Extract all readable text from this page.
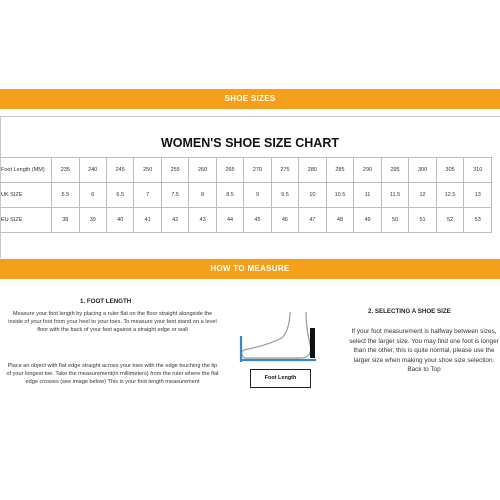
SHOE SIZES
WOMEN'S SHOE SIZE CHART
Foot Length (MM)	235	240	245	250	255	260	265	270	275	280	285	290	295	300	305	310
UK SIZE	5.5	6	6.5	7	7.5	8	8.5	9	9.5	10	10.5	11	11.5	12	12.5	13
EU SIZE	38	39	40	41	42	43	44	45	46	47	48	49	50	51	52	53
HOW TO MEASURE
1. FOOT LENGTH
Measure your foot length by placing a ruler flat on the floor straight alongside the inside of your foot from your heel to your toes. To measure your feet stand on a level floor with the back of your feet against a straight edge or wall
Place an object with flat edge straight across your toes with the edge touching the tip of your longest toe. Take the measurement(in millimeters) from the ruler where the flat edge crosses (see image below) This is your foot length measurement
Foot Length
2. SELECTING A SHOE SIZE
If your foot measurement is halfway between sizes, select the larger size. You may find one foot is longer than the other, this is quite normal, please use the larger size when making your shoe size selection. Back to Top
